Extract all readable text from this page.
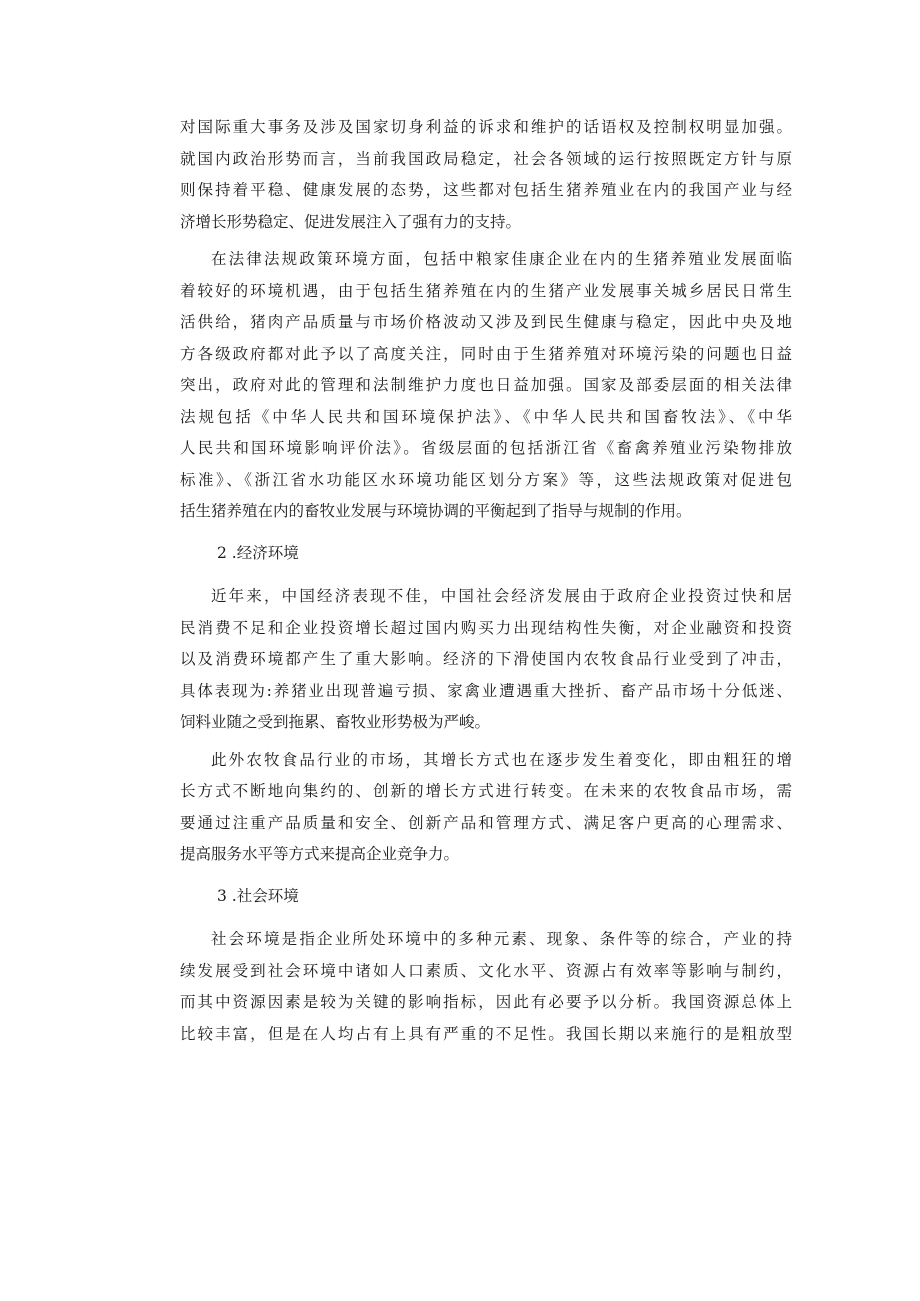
对国际重大事务及涉及国家切身利益的诉求和维护的话语权及控制权明显加强。
就国内政治形势而言，当前我国政局稳定，社会各领域的运行按照既定方针与原
则保持着平稳、健康发展的态势，这些都对包括生猪养殖业在内的我国产业与经
济增长形势稳定、促进发展注入了强有力的支持。
在法律法规政策环境方面，包括中粮家佳康企业在内的生猪养殖业发展面临
着较好的环境机遇，由于包括生猪养殖在内的生猪产业发展事关城乡居民日常生
活供给，猪肉产品质量与市场价格波动又涉及到民生健康与稳定，因此中央及地
方各级政府都对此予以了高度关注，同时由于生猪养殖对环境污染的问题也日益
突出，政府对此的管理和法制维护力度也日益加强。国家及部委层面的相关法律
法规包括《中华人民共和国环境保护法》、《中华人民共和国畜牧法》、《中华
人民共和国环境影响评价法》。省级层面的包括浙江省《畜禽养殖业污染物排放
标准》、《浙江省水功能区水环境功能区划分方案》等，这些法规政策对促进包
括生猪养殖在内的畜牧业发展与环境协调的平衡起到了指导与规制的作用。
2 .经济环境
近年来，中国经济表现不佳，中国社会经济发展由于政府企业投资过快和居
民消费不足和企业投资增长超过国内购买力出现结构性失衡，对企业融资和投资
以及消费环境都产生了重大影响。经济的下滑使国内农牧食品行业受到了冲击，
具体表现为:养猪业出现普遍亏损、家禽业遭遇重大挫折、畜产品市场十分低迷、
饲料业随之受到拖累、畜牧业形势极为严峻。
此外农牧食品行业的市场，其增长方式也在逐步发生着变化，即由粗狂的增
长方式不断地向集约的、创新的增长方式进行转变。在未来的农牧食品市场，需
要通过注重产品质量和安全、创新产品和管理方式、满足客户更高的心理需求、
提高服务水平等方式来提高企业竞争力。
3 .社会环境
社会环境是指企业所处环境中的多种元素、现象、条件等的综合，产业的持
续发展受到社会环境中诸如人口素质、文化水平、资源占有效率等影响与制约，
而其中资源因素是较为关键的影响指标，因此有必要予以分析。我国资源总体上
比较丰富，但是在人均占有上具有严重的不足性。我国长期以来施行的是粗放型
